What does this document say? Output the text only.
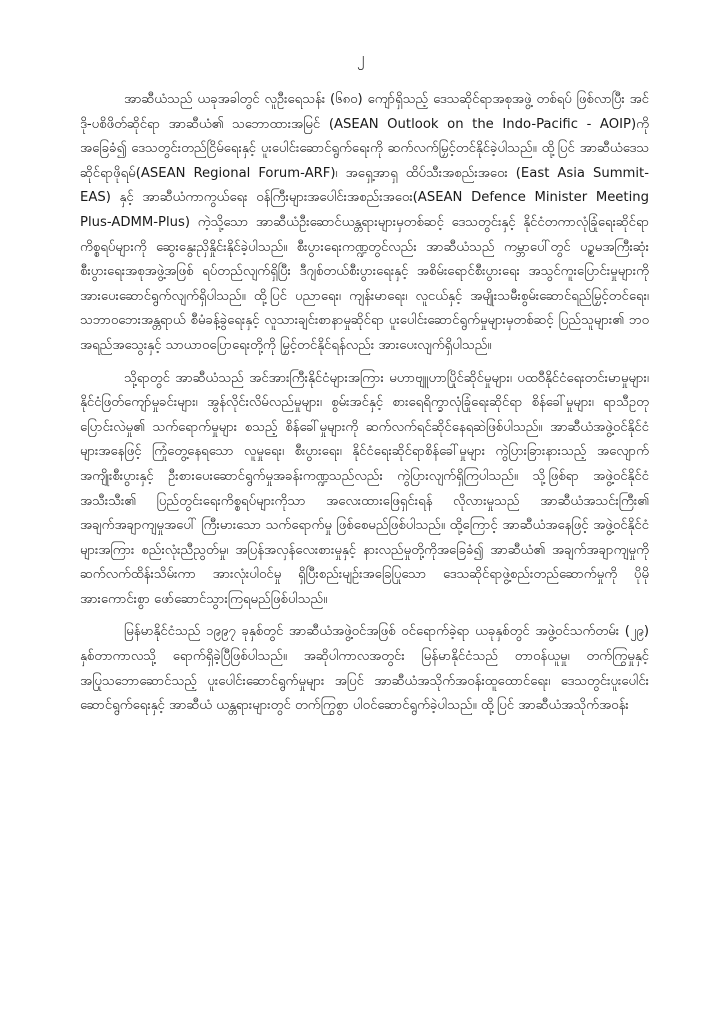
၂

အာဆီယံသည် ယခုအခါတွင် လူဦးရေသန်း (၆၈၀) ကျော်ရှိသည့် ဒေသဆိုင်ရာအစုအဖွဲ့ တစ်ရပ် ဖြစ်လာပြီး အင်ဒို-ပစိဖိတ်ဆိုင်ရာ အာဆီယံ၏ သဘောထားအမြင် (ASEAN Outlook on the Indo-Pacific - AOIP)ကို အခြေခံ၍ ဒေသတွင်းတည်ငြိမ်ရေးနှင့် ပူးပေါင်းဆောင်ရွက်ရေးကို ဆက်လက်မြှင့်တင်နိုင်ခဲ့ပါသည်။ ထို့ပြင် အာဆီယံဒေသဆိုင်ရာဖိုရမ်(ASEAN Regional Forum-ARF)၊ အရှေ့အာရှ ထိပ်သီးအစည်းအဝေး (East Asia Summit-EAS) နှင့် အာဆီယံကာကွယ်ရေး ဝန်ကြီးများအပေါင်းအစည်းအဝေး(ASEAN Defence Minister Meeting Plus-ADMM-Plus) ကဲ့သို့သော အာဆီယံဦးဆောင်ယန္တရားများမှတစ်ဆင့် ဒေသတွင်းနှင့် နိုင်ငံတကာလုံခြုံရေးဆိုင်ရာ ကိစ္စရပ်များကို ဆွေးနွေးညှိနှိုင်းနိုင်ခဲ့ပါသည်။ စီးပွားရေးကဏ္ဍတွင်လည်း အာဆီယံသည် ကမ္ဘာပေါ်တွင် ပဉ္စမအကြီးဆုံး စီးပွားရေးအစုအဖွဲ့အဖြစ် ရပ်တည်လျက်ရှိပြီး ဒီဂျစ်တယ်စီးပွားရေးနှင့် အစိမ်းရောင်စီးပွားရေး အသွင်ကူးပြောင်းမှုများကို အားပေးဆောင်ရွက်လျက်ရှိပါသည်။ ထို့ပြင် ပညာရေး၊ ကျန်းမာရေး၊ လူငယ်နှင့် အမျိုးသမီးစွမ်းဆောင်ရည်မြှင့်တင်ရေး၊ သဘာဝဘေးအန္တရာယ် စီမံခန့်ခွဲရေးနှင့် လူသားချင်းစာနာမှုဆိုင်ရာ ပူးပေါင်းဆောင်ရွက်မှုများမှတစ်ဆင့် ပြည်သူများ၏ ဘဝအရည်အသွေးနှင့် သာယာဝပြောရေးတို့ကို မြှင့်တင်နိုင်ရန်လည်း အားပေးလျက်ရှိပါသည်။

သို့ရာတွင် အာဆီယံသည် အင်အားကြီးနိုင်ငံများအကြား မဟာဗျူဟာပြိုင်ဆိုင်မှုများ၊ ပထဝီနိုင်ငံရေးတင်းမာမှုများ၊ နိုင်ငံဖြတ်ကျော်မှုခင်းများ၊ အွန်လိုင်းလိမ်လည်မှုများ၊ စွမ်းအင်နှင့် စားရေရိက္ခာလုံခြုံရေးဆိုင်ရာ စိန်ခေါ်မှုများ၊ ရာသီဥတုပြောင်းလဲမှု၏ သက်ရောက်မှုများ စသည့် စိန်ခေါ်မှုများကို ဆက်လက်ရင်ဆိုင်နေရဆဲဖြစ်ပါသည်။ အာဆီယံအဖွဲ့ဝင်နိုင်ငံများအနေဖြင့် ကြုံတွေ့နေရသော လူမှုရေး၊ စီးပွားရေး၊ နိုင်ငံရေးဆိုင်ရာစိန်ခေါ်မှုများ ကွဲပြားခြားနားသည့် အလျောက် အကျိုးစီးပွားနှင့် ဦးစားပေးဆောင်ရွက်မှုအခန်းကဏ္ဍသည်လည်း ကွဲပြားလျက်ရှိကြပါသည်။ သို့ဖြစ်ရာ အဖွဲ့ဝင်နိုင်ငံအသီးသီး၏ ပြည်တွင်းရေးကိစ္စရပ်များကိုသာ အလေးထားဖြေရှင်းရန် လိုလားမှုသည် အာဆီယံအသင်းကြီး၏ အချက်အချာကျမှုအပေါ် ကြီးမားသော သက်ရောက်မှု ဖြစ်စေမည်ဖြစ်ပါသည်။ ထို့ကြောင့် အာဆီယံအနေဖြင့် အဖွဲ့ဝင်နိုင်ငံများအကြား စည်းလုံးညီညွတ်မှု၊ အပြန်အလှန်လေးစားမှုနှင့် နားလည်မှုတို့ကိုအခြေခံ၍ အာဆီယံ၏ အချက်အချာကျမှုကို ဆက်လက်ထိန်းသိမ်းကာ အားလုံးပါဝင်မှု ရှိပြီးစည်းမျဉ်းအခြေပြုသော ဒေသဆိုင်ရာဖွဲ့စည်းတည်ဆောက်မှုကို ပိုမိုအားကောင်းစွာ ဖော်ဆောင်သွားကြရမည်ဖြစ်ပါသည်။

မြန်မာနိုင်ငံသည် ၁၉၉၇ ခုနှစ်တွင် အာဆီယံအဖွဲ့ဝင်အဖြစ် ဝင်ရောက်ခဲ့ရာ ယခုနှစ်တွင် အဖွဲ့ဝင်သက်တမ်း (၂၉) နှစ်တာကာလသို့ ရောက်ရှိခဲ့ပြီဖြစ်ပါသည်။ အဆိုပါကာလအတွင်း မြန်မာနိုင်ငံသည် တာဝန်ယူမှု၊ တက်ကြွမှုနှင့် အပြုသဘောဆောင်သည့် ပူးပေါင်းဆောင်ရွက်မှုများ အပြင် အာဆီယံအသိုက်အဝန်းထူထောင်ရေး၊ ဒေသတွင်းပူးပေါင်းဆောင်ရွက်ရေးနှင့် အာဆီယံ ယန္တရားများတွင် တက်ကြွစွာ ပါဝင်ဆောင်ရွက်ခဲ့ပါသည်။ ထို့ပြင် အာဆီယံအသိုက်အဝန်း
